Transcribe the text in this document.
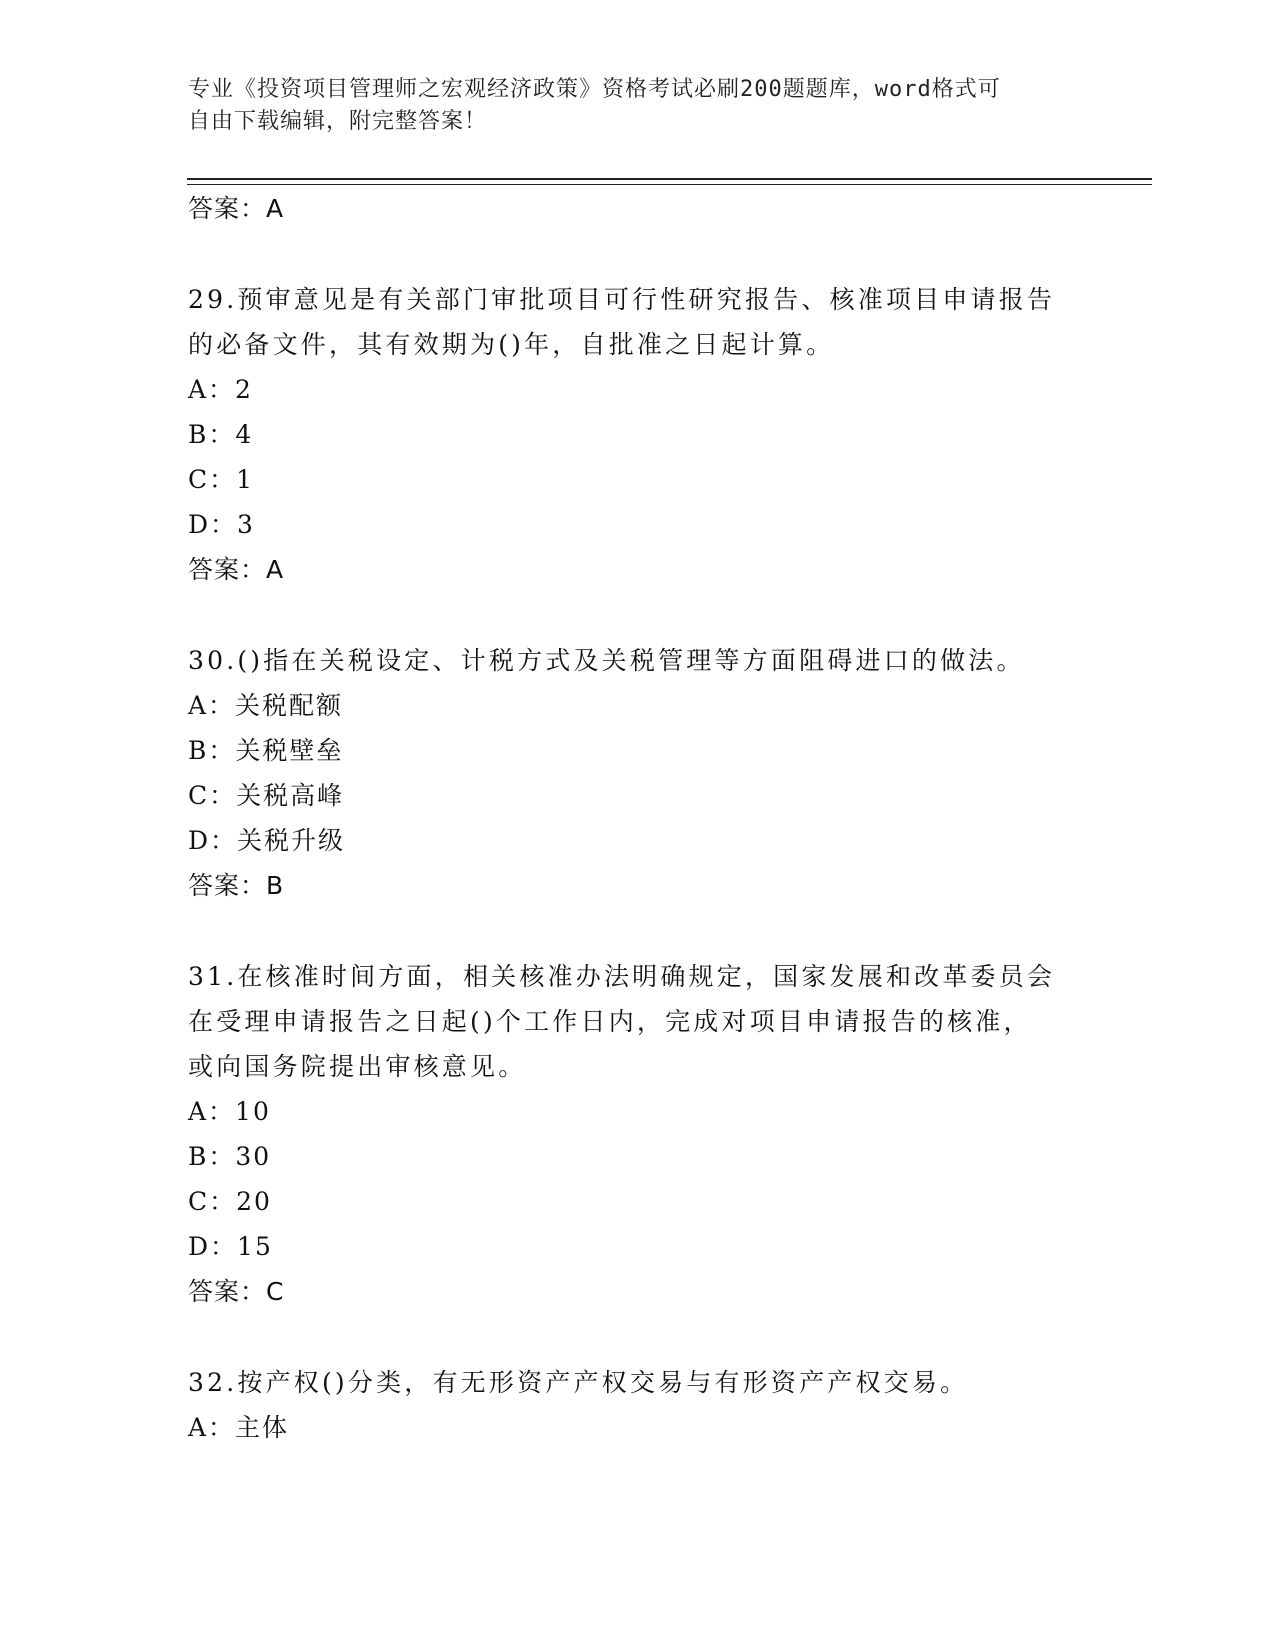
专业《投资项目管理师之宏观经济政策》资格考试必刷200题题库，word格式可
自由下载编辑，附完整答案！
答案：A
29.预审意见是有关部门审批项目可行性研究报告、核准项目申请报告
的必备文件，其有效期为()年，自批准之日起计算。
A：2
B：4
C：1
D：3
答案：A
30.()指在关税设定、计税方式及关税管理等方面阻碍进口的做法。
A：关税配额
B：关税壁垒
C：关税高峰
D：关税升级
答案：B
31.在核准时间方面，相关核准办法明确规定，国家发展和改革委员会
在受理申请报告之日起()个工作日内，完成对项目申请报告的核准，
或向国务院提出审核意见。
A：10
B：30
C：20
D：15
答案：C
32.按产权()分类，有无形资产产权交易与有形资产产权交易。
A：主体
